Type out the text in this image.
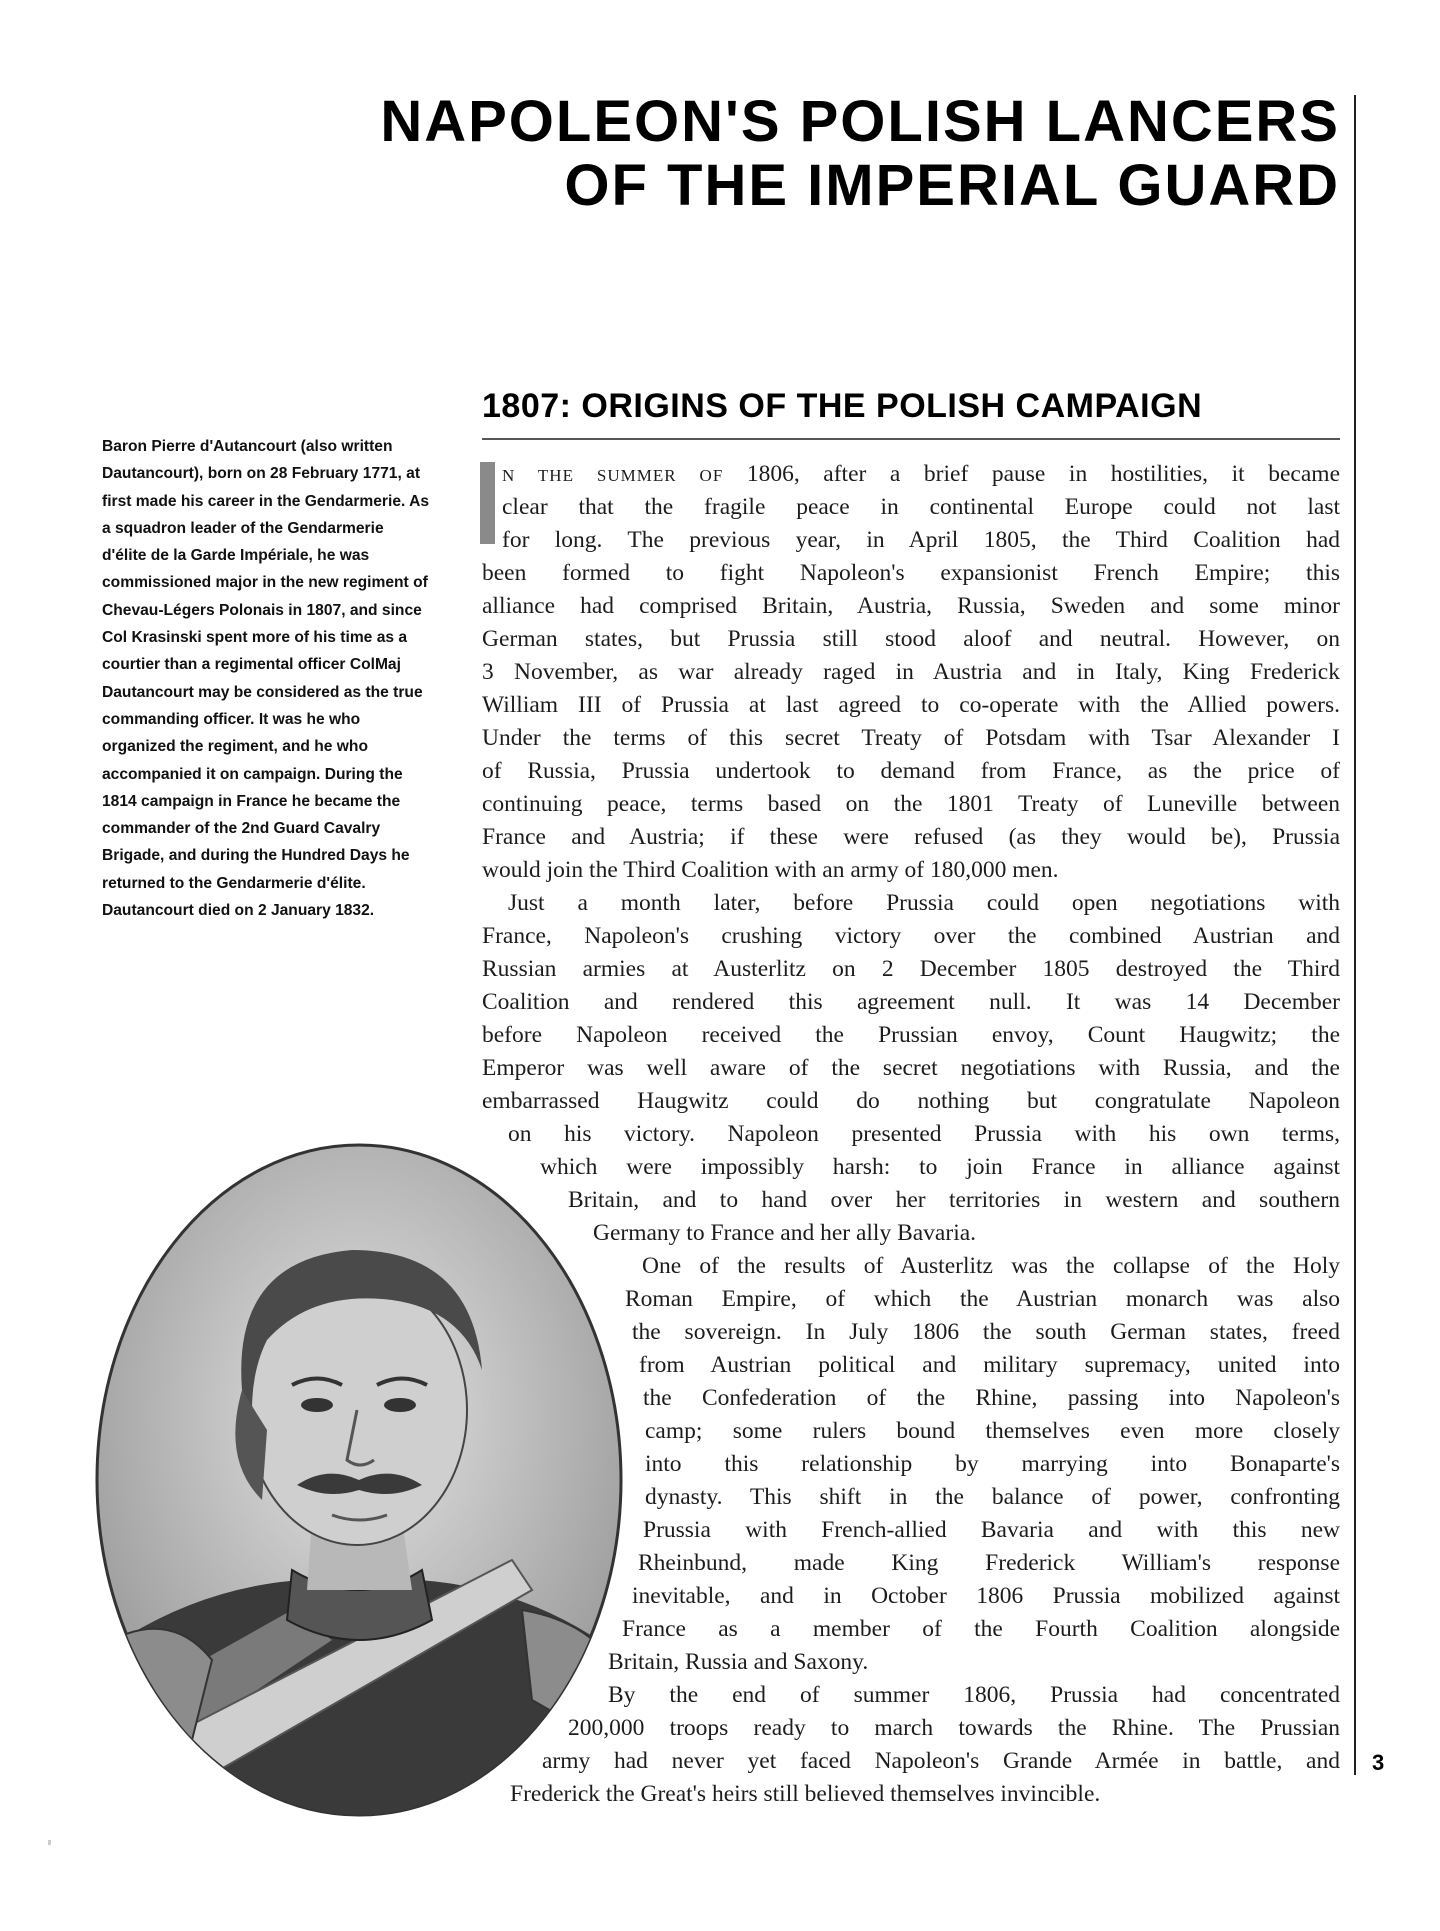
NAPOLEON'S POLISH LANCERS
OF THE IMPERIAL GUARD
1807: ORIGINS OF THE POLISH CAMPAIGN

Baron Pierre d'Autancourt (also written Dautancourt), born on 28 February 1771, at first made his career in the Gendarmerie. As a squadron leader of the Gendarmerie d'élite de la Garde Impériale, he was commissioned major in the new regiment of Chevau-Légers Polonais in 1807, and since Col Krasinski spent more of his time as a courtier than a regimental officer ColMaj Dautancourt may be considered as the true commanding officer. It was he who organized the regiment, and he who accompanied it on campaign. During the 1814 campaign in France he became the commander of the 2nd Guard Cavalry Brigade, and during the Hundred Days he returned to the Gendarmerie d'élite. Dautancourt died on 2 January 1832.

N THE SUMMER OF 1806, after a brief pause in hostilities, it became
clear that the fragile peace in continental Europe could not last
for long. The previous year, in April 1805, the Third Coalition had
been formed to fight Napoleon's expansionist French Empire; this
alliance had comprised Britain, Austria, Russia, Sweden and some minor
German states, but Prussia still stood aloof and neutral. However, on
3 November, as war already raged in Austria and in Italy, King Frederick
William III of Prussia at last agreed to co-operate with the Allied powers.
Under the terms of this secret Treaty of Potsdam with Tsar Alexander I
of Russia, Prussia undertook to demand from France, as the price of
continuing peace, terms based on the 1801 Treaty of Luneville between
France and Austria; if these were refused (as they would be), Prussia
would join the Third Coalition with an army of 180,000 men.
Just a month later, before Prussia could open negotiations with
France, Napoleon's crushing victory over the combined Austrian and
Russian armies at Austerlitz on 2 December 1805 destroyed the Third
Coalition and rendered this agreement null. It was 14 December
before Napoleon received the Prussian envoy, Count Haugwitz; the
Emperor was well aware of the secret negotiations with Russia, and the
embarrassed Haugwitz could do nothing but congratulate Napoleon
on his victory. Napoleon presented Prussia with his own terms,
which were impossibly harsh: to join France in alliance against
Britain, and to hand over her territories in western and southern
Germany to France and her ally Bavaria.
One of the results of Austerlitz was the collapse of the Holy
Roman Empire, of which the Austrian monarch was also
the sovereign. In July 1806 the south German states, freed
from Austrian political and military supremacy, united into
the Confederation of the Rhine, passing into Napoleon's
camp; some rulers bound themselves even more closely
into this relationship by marrying into Bonaparte's
dynasty. This shift in the balance of power, confronting
Prussia with French-allied Bavaria and with this new
Rheinbund, made King Frederick William's response
inevitable, and in October 1806 Prussia mobilized against
France as a member of the Fourth Coalition alongside
Britain, Russia and Saxony.
By the end of summer 1806, Prussia had concentrated
200,000 troops ready to march towards the Rhine. The Prussian
army had never yet faced Napoleon's Grande Armée in battle, and
Frederick the Great's heirs still believed themselves invincible.
3
